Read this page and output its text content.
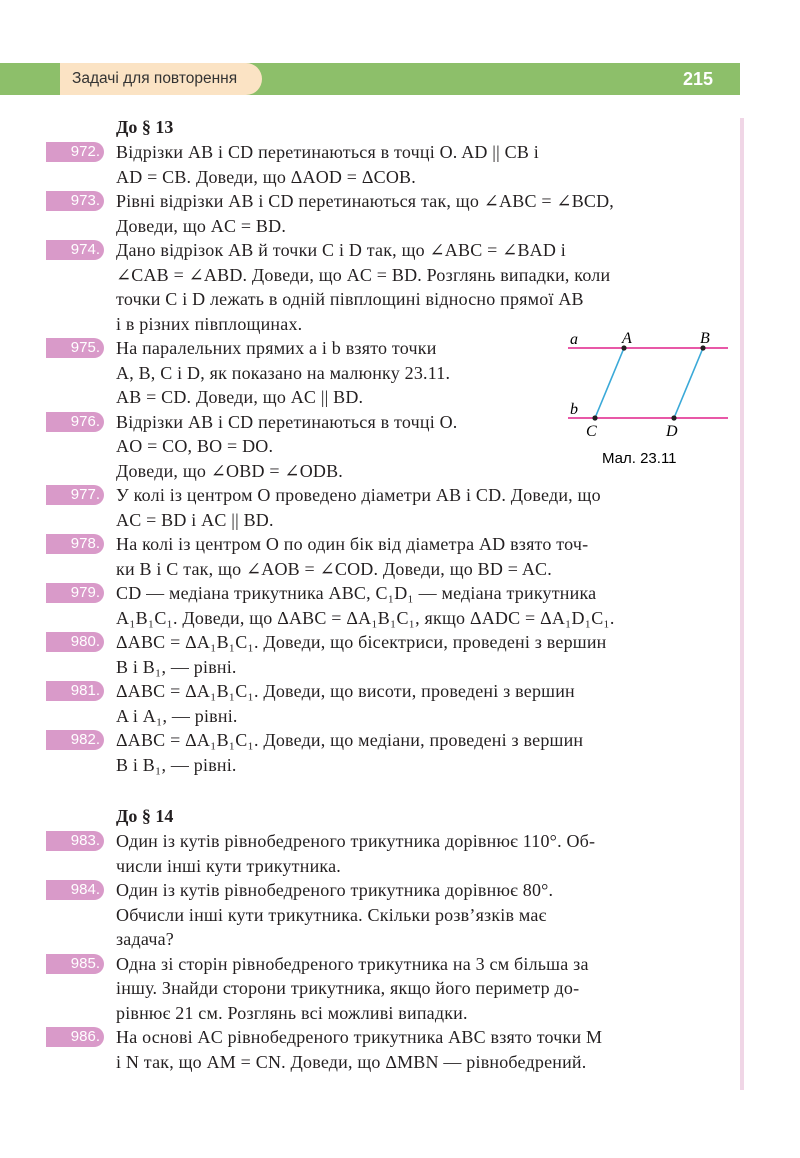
Задачі для повторення	215
До § 13
972. Відрізки AB і CD перетинаються в точці O. AD || CB і
AD = CB. Доведи, що ΔAOD = ΔCOB.
973. Рівні відрізки AB і CD перетинаються так, що ∠ABC = ∠BCD,
Доведи, що AC = BD.
974. Дано відрізок AB й точки C і D так, що ∠ABC = ∠BAD і
∠CAB = ∠ABD. Доведи, що AC = BD. Розглянь випадки, коли
точки C і D лежать в одній півплощині відносно прямої AB
і в різних півплощинах.
975. На паралельних прямих a і b взято точки
A, B, C і D, як показано на малюнку 23.11.
AB = CD. Доведи, що AC || BD.
976. Відрізки AB і CD перетинаються в точці O.
AO = CO, BO = DO.
Доведи, що ∠OBD = ∠ODB.
977. У колі із центром O проведено діаметри AB і CD. Доведи, що
AC = BD і AC || BD.
978. На колі із центром O по один бік від діаметра AD взято точ-
ки B і C так, що ∠AOB = ∠COD. Доведи, що BD = AC.
979. CD — медіана трикутника ABC, C₁D₁ — медіана трикутника
A₁B₁C₁. Доведи, що ΔABC = ΔA₁B₁C₁, якщо ΔADC = ΔA₁D₁C₁.
980. ΔABC = ΔA₁B₁C₁. Доведи, що бісектриси, проведені з вершин
B і B₁, — рівні.
981. ΔABC = ΔA₁B₁C₁. Доведи, що висоти, проведені з вершин
A і A₁, — рівні.
982. ΔABC = ΔA₁B₁C₁. Доведи, що медіани, проведені з вершин
B і B₁, — рівні.
До § 14
983. Один із кутів рівнобедреного трикутника дорівнює 110°. Об-
числи інші кути трикутника.
984. Один із кутів рівнобедреного трикутника дорівнює 80°.
Обчисли інші кути трикутника. Скільки розв’язків має
задача?
985. Одна зі сторін рівнобедреного трикутника на 3 см більша за
іншу. Знайди сторони трикутника, якщо його периметр до-
рівнює 21 см. Розглянь всі можливі випадки.
986. На основі AC рівнобедреного трикутника ABC взято точки M
і N так, що AM = CN. Доведи, що ΔMBN — рівнобедрений.
a
b
A	B
C	D
Мал. 23.11
